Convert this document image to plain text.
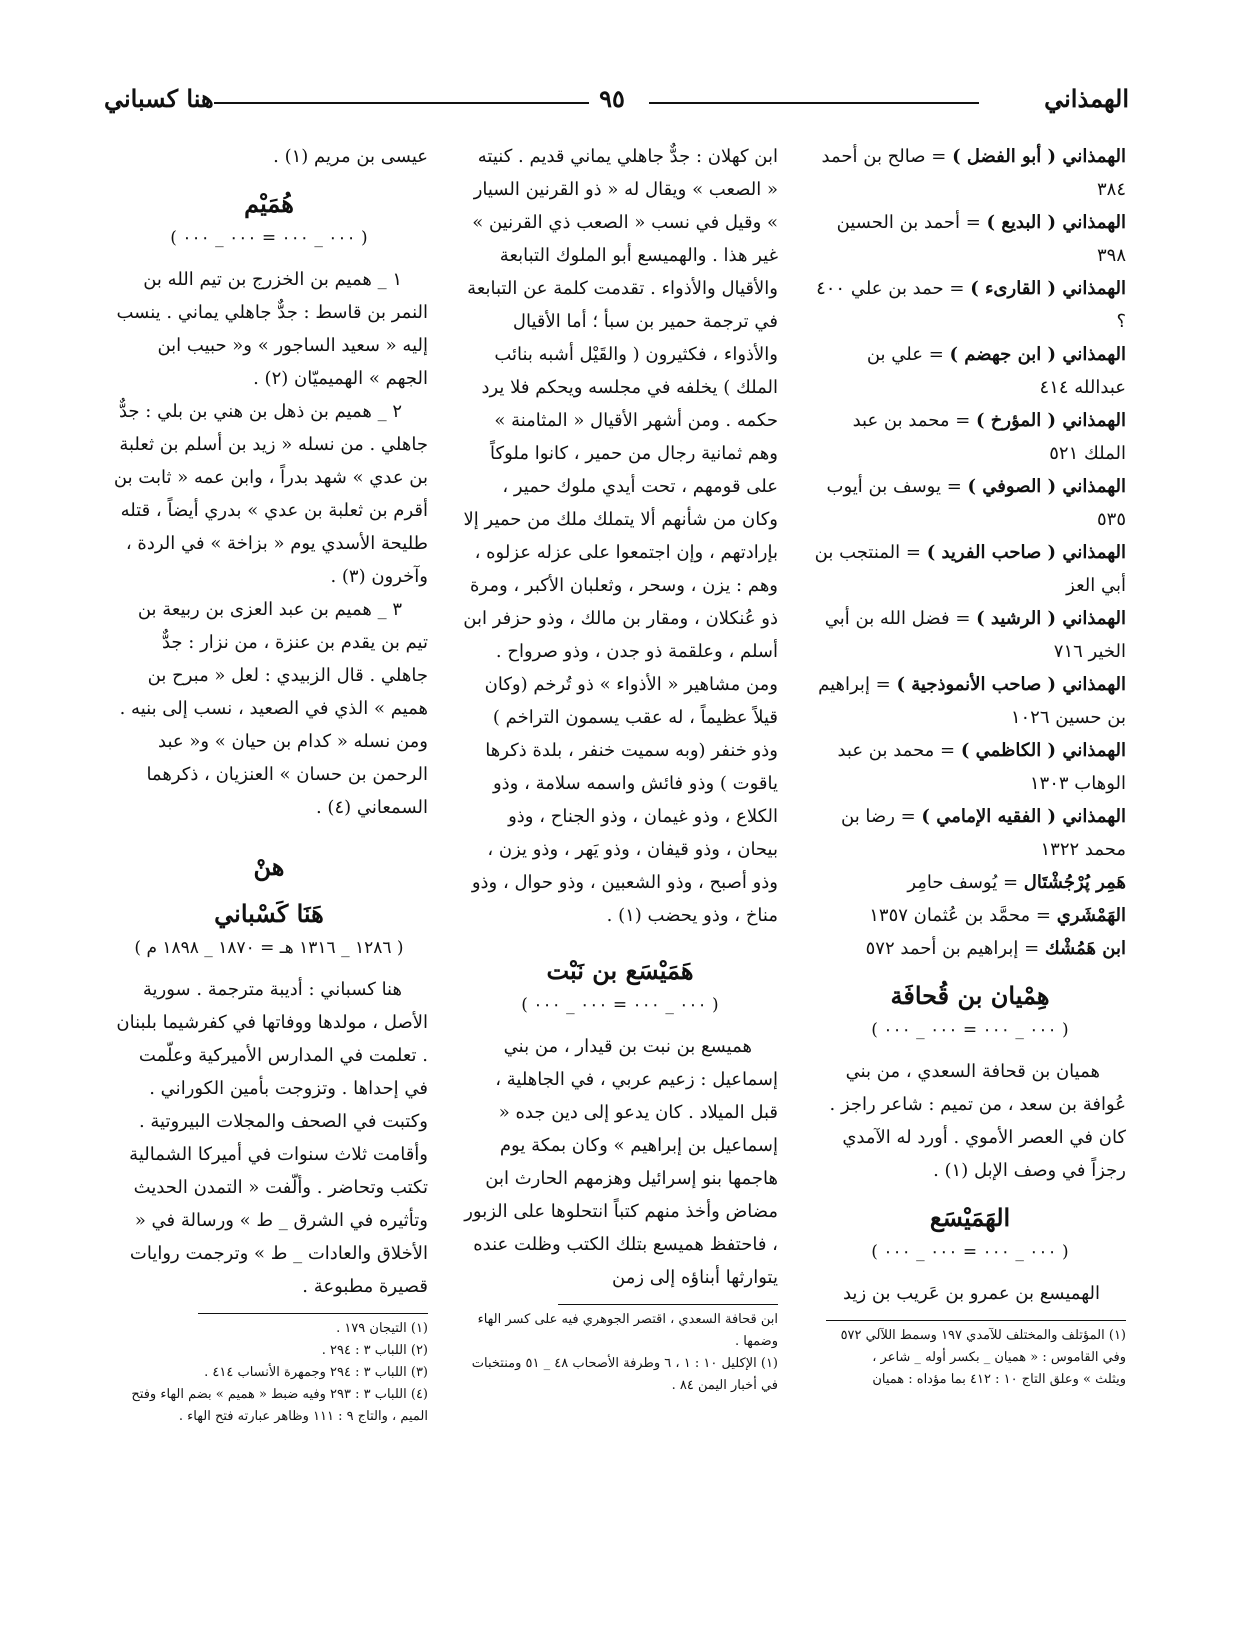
الهمذاني
٩٥
هنا كسباني

الهمذاني ( أبو الفضل ) = صالح بن أحمد ٣٨٤

الهمذاني ( البديع ) = أحمد بن الحسين ٣٩٨

الهمذاني ( القارىء ) = حمد بن علي ٤٠٠ ؟

الهمذاني ( ابن جهضم ) = علي بن عبدالله ٤١٤

الهمذاني ( المؤرخ ) = محمد بن عبد الملك ٥٢١

الهمذاني ( الصوفي ) = يوسف بن أيوب ٥٣٥

الهمذاني ( صاحب الفريد ) = المنتجب بن أبي العز

الهمذاني ( الرشيد ) = فضل الله بن أبي الخير ٧١٦

الهمذاني ( صاحب الأنموذجية ) = إبراهيم بن حسين ١٠٢٦

الهمذاني ( الكاظمي ) = محمد بن عبد الوهاب ١٣٠٣

الهمذاني ( الفقيه الإمامي ) = رضا بن محمد ١٣٢٢

هَمِر پُرْجُشْتَال = يُوسف حامِر

الهَمْشَري = محمَّد بن عُثمان ١٣٥٧

ابن هَمُشْك = إبراهيم بن أحمد ٥٧٢

هِمْيان بن قُحافَة
( ٠٠٠ _ ٠٠٠ = ٠٠٠ _ ٠٠٠ )

هميان بن قحافة السعدي ، من بني عُوافة بن سعد ، من تميم : شاعر راجز . كان في العصر الأموي . أورد له الآمدي رجزاً في وصف الإبل (١) .

الهَمَيْسَع
( ٠٠٠ _ ٠٠٠ = ٠٠٠ _ ٠٠٠ )

الهميسع بن عمرو بن عَريب بن زيد

(١) المؤتلف والمختلف للآمدي ١٩٧ وسمط اللآلي ٥٧٢
وفي القاموس : « هميان _ بكسر أوله _ شاعر ،
ويثلث » وعلق التاج ١٠ : ٤١٢ بما مؤداه : هميان

ابن كهلان : جدٌّ جاهلي يماني قديم . كنيته « الصعب » ويقال له « ذو القرنين السيار » وقيل في نسب « الصعب ذي القرنين » غير هذا . والهميسع أبو الملوك التبابعة والأقيال والأذواء . تقدمت كلمة عن التبابعة في ترجمة حمير بن سبأ ؛ أما الأقيال والأذواء ، فكثيرون ( والقَيْل أشبه بنائب الملك ) يخلفه في مجلسه ويحكم فلا يرد حكمه . ومن أشهر الأقيال « المثامنة » وهم ثمانية رجال من حمير ، كانوا ملوكاً على قومهم ، تحت أيدي ملوك حمير ، وكان من شأنهم ألا يتملك ملك من حمير إلا بإرادتهم ، وإن اجتمعوا على عزله عزلوه ، وهم : يزن ، وسحر ، وثعلبان الأكبر ، ومرة ذو عُنكلان ، ومقار بن مالك ، وذو حزفر ابن أسلم ، وعلقمة ذو جدن ، وذو صرواح . ومن مشاهير « الأذواء » ذو تُرخم (وكان قيلاً عظيماً ، له عقب يسمون التراخم ) وذو خنفر (وبه سميت خنفر ، بلدة ذكرها ياقوت ) وذو فائش واسمه سلامة ، وذو الكلاع ، وذو غيمان ، وذو الجناح ، وذو بيحان ، وذو قيفان ، وذو يَهر ، وذو يزن ، وذو أصبح ، وذو الشعبين ، وذو حوال ، وذو مناخ ، وذو يحضب (١) .

هَمَيْسَع بن نَبْت
( ٠٠٠ _ ٠٠٠ = ٠٠٠ _ ٠٠٠ )

هميسع بن نبت بن قيدار ، من بني إسماعيل : زعيم عربي ، في الجاهلية ، قبل الميلاد . كان يدعو إلى دين جده « إسماعيل بن إبراهيم » وكان بمكة يوم هاجمها بنو إسرائيل وهزمهم الحارث ابن مضاض وأخذ منهم كتباً انتحلوها على الزبور ، فاحتفظ هميسع بتلك الكتب وظلت عنده يتوارثها أبناؤه إلى زمن

ابن قحافة السعدي ، اقتصر الجوهري فيه على كسر الهاء وضمها .
(١) الإكليل ١٠ : ١ ، ٦ وطرفة الأصحاب ٤٨ _ ٥١ ومنتخبات في أخبار اليمن ٨٤ .

عيسى بن مريم (١) .

هُمَيْم
( ٠٠٠ _ ٠٠٠ = ٠٠٠ _ ٠٠٠ )
١ _ هميم بن الخزرج بن تيم الله بن النمر بن قاسط : جدٌّ جاهلي يماني . ينسب إليه « سعيد الساجور » و« حبيب ابن الجهم » الهميميّان (٢) .
٢ _ هميم بن ذهل بن هني بن بلي : جدٌّ جاهلي . من نسله « زيد بن أسلم بن ثعلبة بن عدي » شهد بدراً ، وابن عمه « ثابت بن أقرم بن ثعلبة بن عدي » بدري أيضاً ، قتله طليحة الأسدي يوم « بزاخة » في الردة ، وآخرون (٣) .
٣ _ هميم بن عبد العزى بن ربيعة بن تيم بن يقدم بن عنزة ، من نزار : جدٌّ جاهلي . قال الزبيدي : لعل « مبرح بن هميم » الذي في الصعيد ، نسب إلى بنيه . ومن نسله « كدام بن حيان » و« عبد الرحمن بن حسان » العنزيان ، ذكرهما السمعاني (٤) .
هنْ
هَنَا كَسْباني
( ١٢٨٦ _ ١٣١٦ هـ = ١٨٧٠ _ ١٨٩٨ م )

هنا كسباني : أديبة مترجمة . سورية الأصل ، مولدها ووفاتها في كفرشيما بلبنان . تعلمت في المدارس الأميركية وعلّمت في إحداها . وتزوجت بأمين الكوراني . وكتبت في الصحف والمجلات البيروتية . وأقامت ثلاث سنوات في أميركا الشمالية تكتب وتحاضر . وألّفت « التمدن الحديث وتأثيره في الشرق _ ط » ورسالة في « الأخلاق والعادات _ ط » وترجمت روايات قصيرة مطبوعة .

(١) التيجان ١٧٩ .
(٢) اللباب ٣ : ٢٩٤ .
(٣) اللباب ٣ : ٢٩٤ وجمهرة الأنساب ٤١٤ .
(٤) اللباب ٣ : ٢٩٣ وفيه ضبط « هميم » بضم الهاء وفتح الميم ، والتاج ٩ : ١١١ وظاهر عبارته فتح الهاء .
